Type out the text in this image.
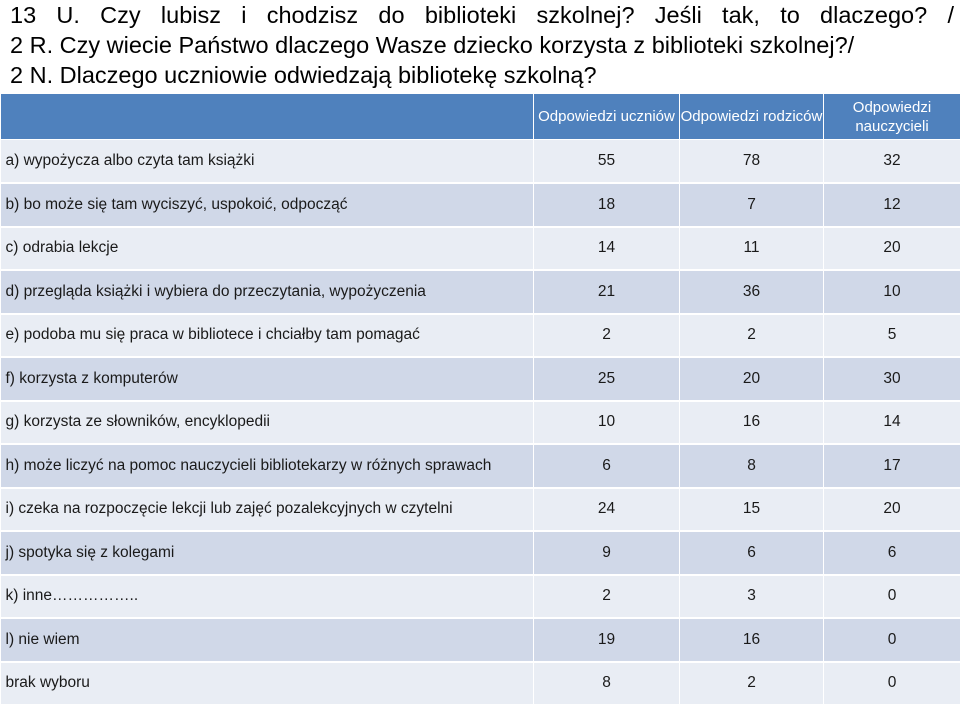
13 U. Czy lubisz i chodzisz do biblioteki szkolnej? Jeśli tak, to dlaczego? /
2 R. Czy wiecie Państwo dlaczego Wasze dziecko korzysta z biblioteki szkolnej?/
2 N. Dlaczego uczniowie odwiedzają bibliotekę szkolną?
	Odpowiedzi uczniów	Odpowiedzi rodziców	Odpowiedzi nauczycieli
a) wypożycza albo czyta tam książki	55	78	32
b) bo może się tam wyciszyć, uspokoić, odpocząć	18	7	12
c) odrabia lekcje	14	11	20
d) przegląda książki i wybiera do przeczytania, wypożyczenia	21	36	10
e) podoba mu się praca w bibliotece i chciałby tam pomagać	2	2	5
f) korzysta z komputerów	25	20	30
g) korzysta ze słowników, encyklopedii	10	16	14
h) może liczyć na pomoc nauczycieli bibliotekarzy w różnych sprawach	6	8	17
i) czeka na rozpoczęcie lekcji lub zajęć pozalekcyjnych w czytelni	24	15	20
j) spotyka się z kolegami	9	6	6
k) inne……………..	2	3	0
l) nie wiem	19	16	0
brak wyboru	8	2	0
